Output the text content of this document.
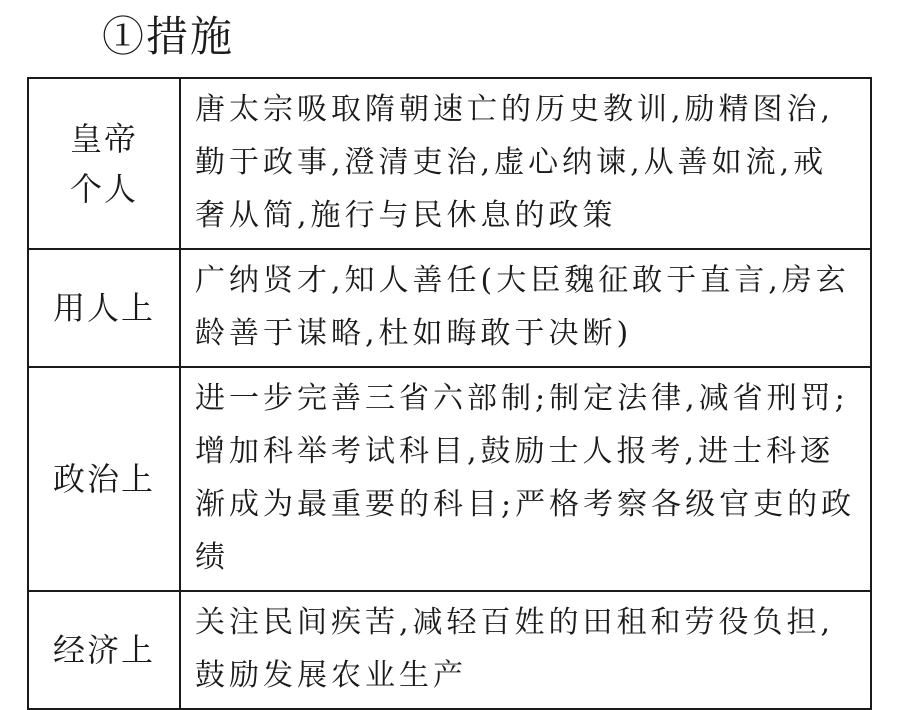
①措施
皇帝个人	唐太宗吸取隋朝速亡的历史教训,励精图治,勤于政事,澄清吏治,虚心纳谏,从善如流,戒奢从简,施行与民休息的政策
用人上	广纳贤才,知人善任(大臣魏征敢于直言,房玄龄善于谋略,杜如晦敢于决断)
政治上	进一步完善三省六部制;制定法律,减省刑罚;增加科举考试科目,鼓励士人报考,进士科逐渐成为最重要的科目;严格考察各级官吏的政绩
经济上	关注民间疾苦,减轻百姓的田租和劳役负担,鼓励发展农业生产
